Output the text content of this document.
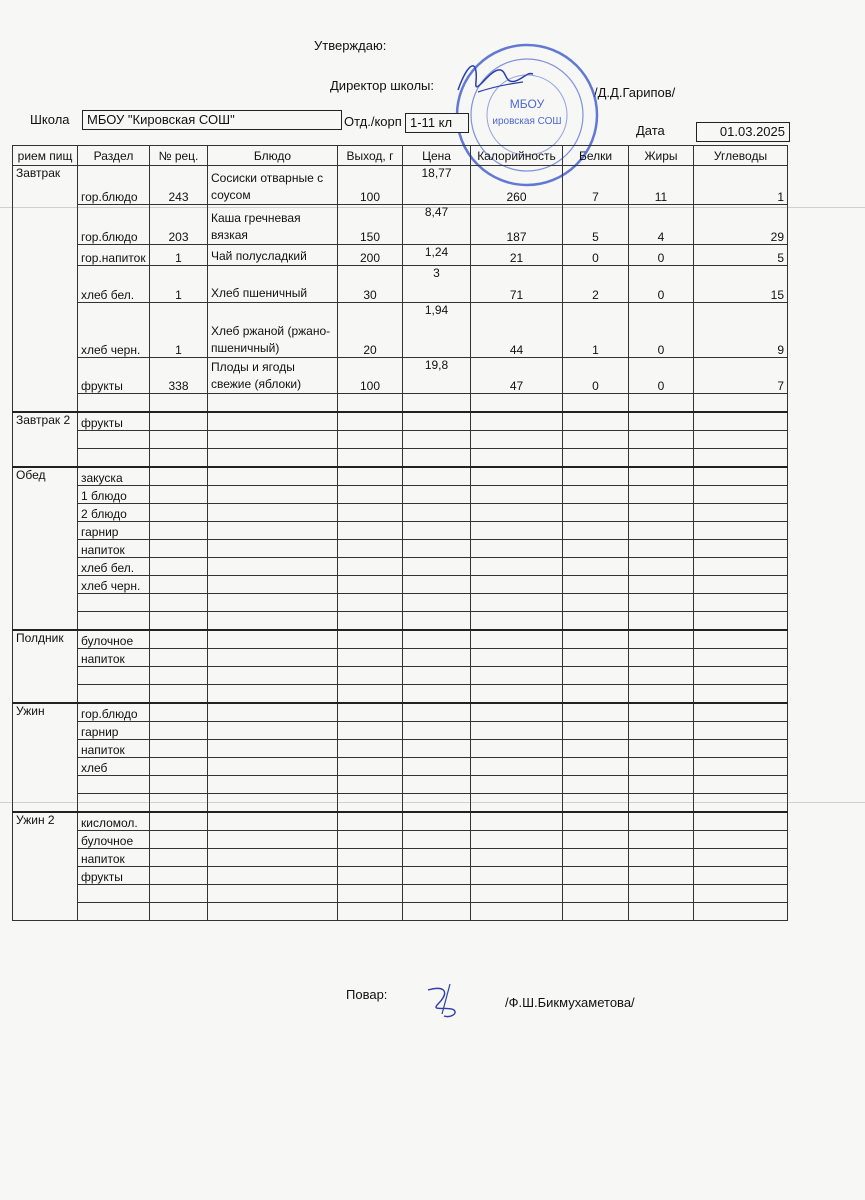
Утверждаю:
Директор школы:	/Д.Д.Гарипов/
МБОУ
ировская СОШ
Школа	МБОУ "Кировская СОШ"	Отд./корп 1-11 кл
Дата	01.03.2025
рием пищ	Раздел	№ рец.	Блюдо	Выход, г	Цена	Калорийность	Белки	Жиры	Углеводы
Завтрак	гор.блюдо	243	Сосиски отварные с соусом	100	18,77	260	7	11	1
	гор.блюдо	203	Каша гречневая вязкая	150	8,47	187	5	4	29
	гор.напиток	1	Чай полусладкий	200	1,24	21	0	0	5
	хлеб бел.	1	Хлеб пшеничный	30	3	71	2	0	15
	хлеб черн.	1	Хлеб ржаной (ржано-пшеничный)	20	1,94	44	1	0	9
	фрукты	338	Плоды и ягоды свежие (яблоки)	100	19,8	47	0	0	7

Завтрак 2	фрукты								

Обед	закуска								
	1 блюдо								
	2 блюдо								
	гарнир								
	напиток								
	хлеб бел.								
	хлеб черн.								

Полдник	булочное								
	напиток								

Ужин	гор.блюдо								
	гарнир								
	напиток								
	хлеб								

Ужин 2	кисломол.								
	булочное								
	напиток								
	фрукты								

Повар:
/Ф.Ш.Бикмухаметова/
